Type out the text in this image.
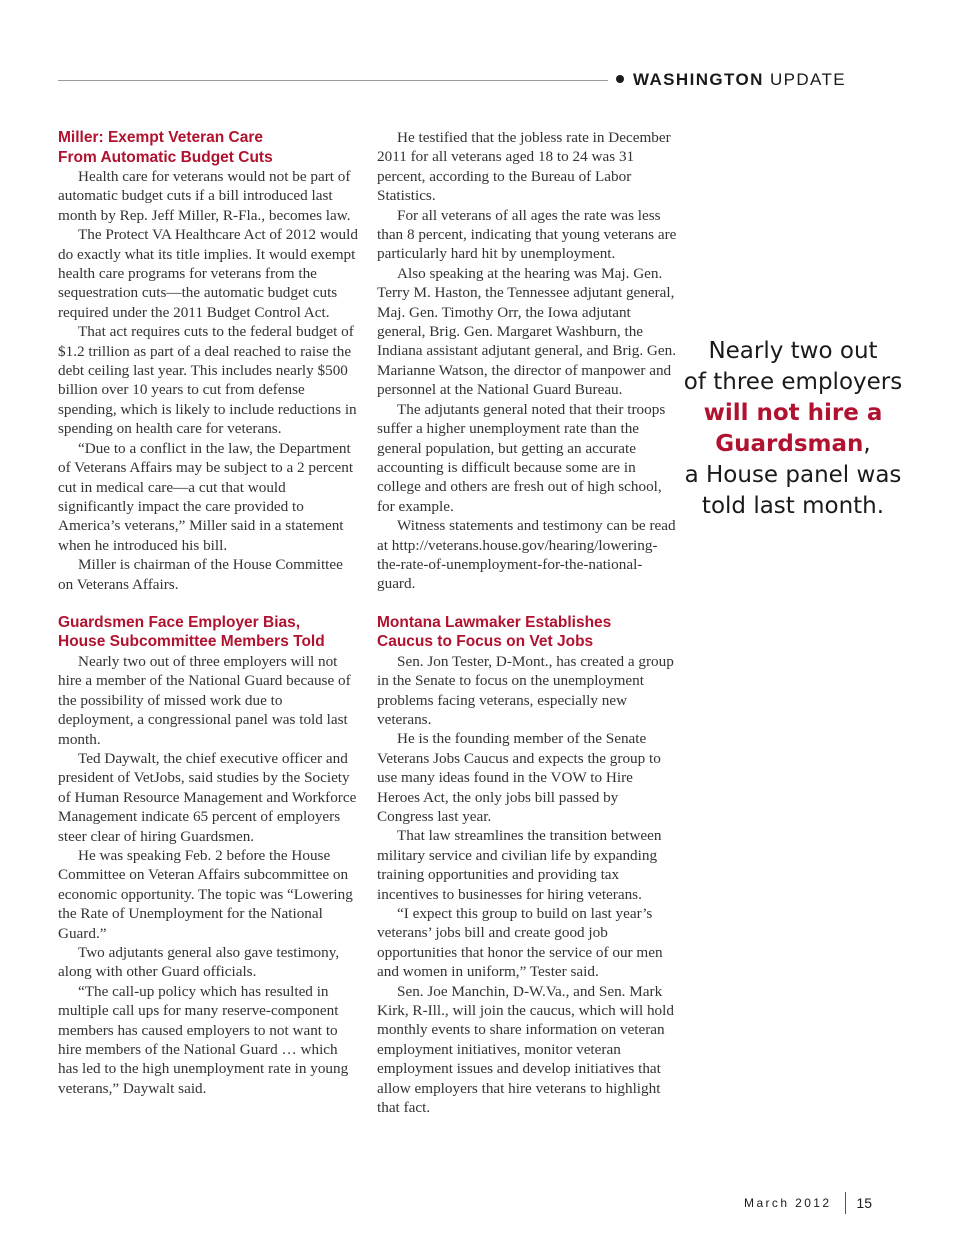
WASHINGTON UPDATE
Miller: Exempt Veteran Care
From Automatic Budget Cuts

Health care for veterans would not be part of automatic budget cuts if a bill introduced last month by Rep. Jeff Miller, R-Fla., becomes law.

The Protect VA Healthcare Act of 2012 would do exactly what its title implies. It would exempt health care programs for veterans from the sequestration cuts—the automatic budget cuts required under the 2011 Budget Control Act.

That act requires cuts to the federal budget of $1.2 trillion as part of a deal reached to raise the debt ceiling last year. This includes nearly $500 billion over 10 years to cut from defense spending, which is likely to include reductions in spending on health care for veterans.

“Due to a conflict in the law, the Department of Veterans Affairs may be subject to a 2 percent cut in medical care—a cut that would significantly impact the care provided to America’s veterans,” Miller said in a statement when he introduced his bill.

Miller is chairman of the House Committee on Veterans Affairs.

Guardsmen Face Employer Bias,
House Subcommittee Members Told

Nearly two out of three employers will not hire a member of the National Guard because of the possibility of missed work due to deployment, a congressional panel was told last month.

Ted Daywalt, the chief executive officer and president of VetJobs, said studies by the Society of Human Resource Management and Workforce Management indicate 65 percent of employers steer clear of hiring Guardsmen.

He was speaking Feb. 2 before the House Committee on Veteran Affairs subcommittee on economic opportunity. The topic was “Lowering the Rate of Unemployment for the National Guard.”

Two adjutants general also gave testimony, along with other Guard officials.

“The call-up policy which has resulted in multiple call ups for many reserve-component members has caused employers to not want to hire members of the National Guard … which has led to the high unemployment rate in young veterans,” Daywalt said.

He testified that the jobless rate in December 2011 for all veterans aged 18 to 24 was 31 percent, according to the Bureau of Labor Statistics.

For all veterans of all ages the rate was less than 8 percent, indicating that young veterans are particularly hard hit by unemployment.

Also speaking at the hearing was Maj. Gen. Terry M. Haston, the Tennessee adjutant general, Maj. Gen. Timothy Orr, the Iowa adjutant general, Brig. Gen. Margaret Washburn, the Indiana assistant adjutant general, and Brig. Gen. Marianne Watson, the director of manpower and personnel at the National Guard Bureau.

The adjutants general noted that their troops suffer a higher unemployment rate than the general population, but getting an accurate accounting is difficult because some are in college and others are fresh out of high school, for example.

Witness statements and testimony can be read at http://veterans.house.gov/hearing/lowering-the-rate-of-unemployment-for-the-national-guard.

Montana Lawmaker Establishes
Caucus to Focus on Vet Jobs

Sen. Jon Tester, D-Mont., has created a group in the Senate to focus on the unemployment problems facing veterans, especially new veterans.

He is the founding member of the Senate Veterans Jobs Caucus and expects the group to use many ideas found in the VOW to Hire Heroes Act, the only jobs bill passed by Congress last year.

That law streamlines the transition between military service and civilian life by expanding training opportunities and providing tax incentives to businesses for hiring veterans.

“I expect this group to build on last year’s veterans’ jobs bill and create good job opportunities that honor the service of our men and women in uniform,” Tester said.

Sen. Joe Manchin, D-W.Va., and Sen. Mark Kirk, R-Ill., will join the caucus, which will hold monthly events to share information on veteran employment initiatives, monitor veteran employment issues and develop initiatives that allow employers that hire veterans to highlight that fact.

Nearly two out
of three employers
will not hire a
Guardsman,
a House panel was
told last month.
March 2012 15
